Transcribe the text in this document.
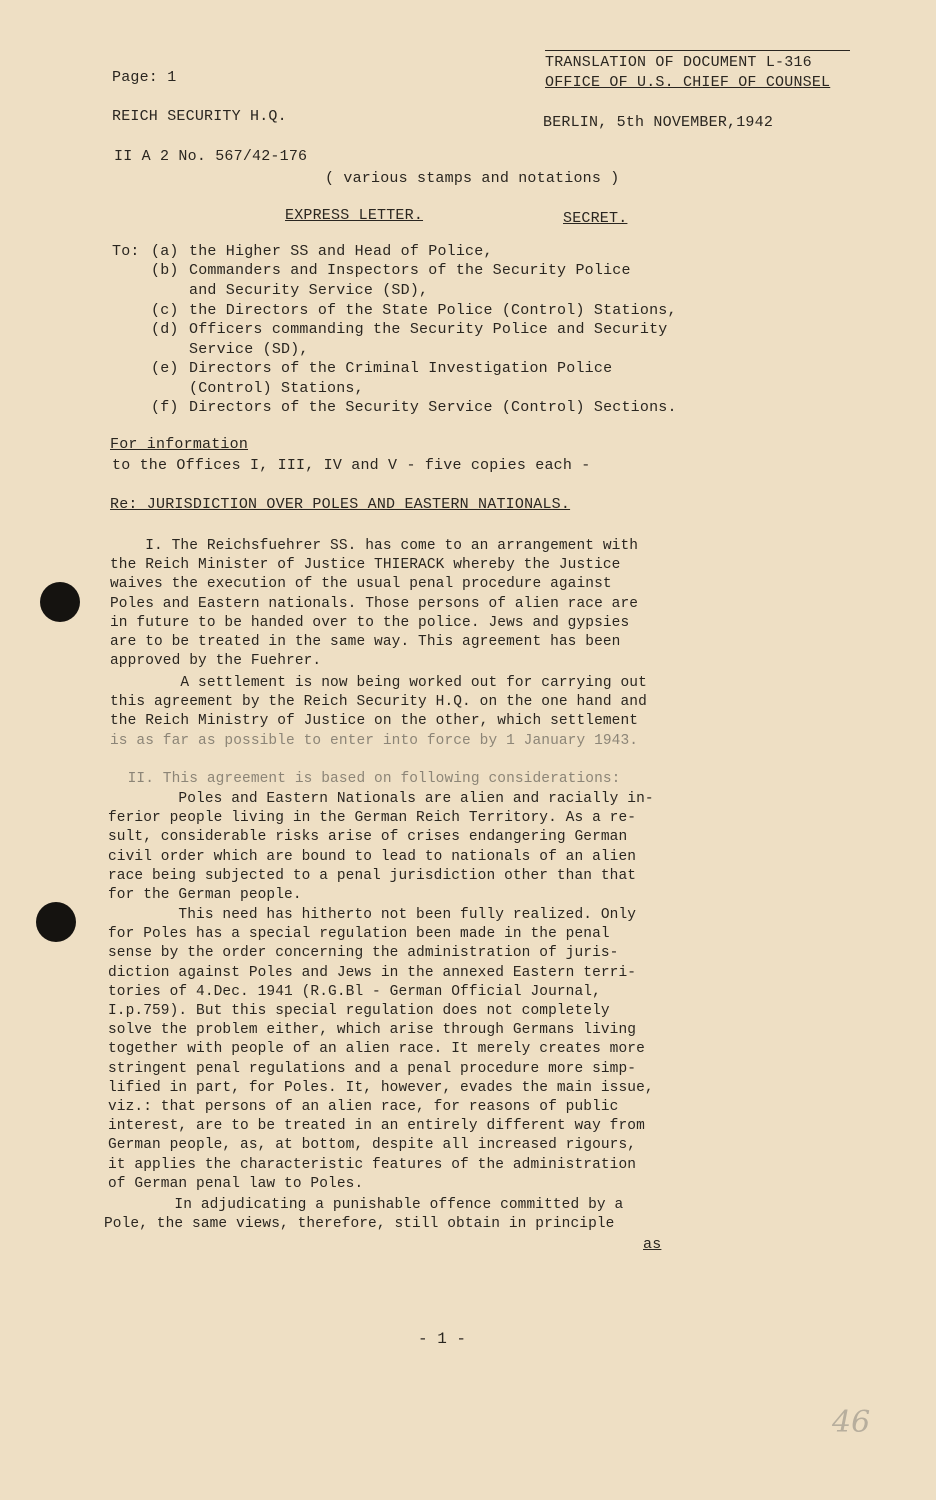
TRANSLATION OF DOCUMENT L-316
OFFICE OF U.S. CHIEF OF COUNSEL
Page: 1
REICH SECURITY H.Q.	BERLIN, 5th NOVEMBER,1942
II A 2 No. 567/42-176
( various stamps and notations )
EXPRESS LETTER.	SECRET.
To: (a) the Higher SS and Head of Police,
(b) Commanders and Inspectors of the Security Police
and Security Service (SD),
(c) the Directors of the State Police (Control) Stations,
(d) Officers commanding the Security Police and Security
Service (SD),
(e) Directors of the Criminal Investigation Police
(Control) Stations,
(f) Directors of the Security Service (Control) Sections.
For information
to the Offices I, III, IV and V - five copies each -
Re: JURISDICTION OVER POLES AND EASTERN NATIONALS.
I. The Reichsfuehrer SS. has come to an arrangement with
the Reich Minister of Justice THIERACK whereby the Justice
waives the execution of the usual penal procedure against
Poles and Eastern nationals. Those persons of alien race are
in future to be handed over to the police. Jews and gypsies
are to be treated in the same way. This agreement has been
approved by the Fuehrer.
A settlement is now being worked out for carrying out
this agreement by the Reich Security H.Q. on the one hand and
the Reich Ministry of Justice on the other, which settlement
is as far as possible to enter into force by 1 January 1943.
II. This agreement is based on following considerations:
Poles and Eastern Nationals are alien and racially in-
ferior people living in the German Reich Territory. As a re-
sult, considerable risks arise of crises endangering German
civil order which are bound to lead to nationals of an alien
race being subjected to a penal jurisdiction other than that
for the German people.
This need has hitherto not been fully realized. Only
for Poles has a special regulation been made in the penal
sense by the order concerning the administration of juris-
diction against Poles and Jews in the annexed Eastern terri-
tories of 4.Dec. 1941 (R.G.Bl - German Official Journal,
I.p.759). But this special regulation does not completely
solve the problem either, which arise through Germans living
together with people of an alien race. It merely creates more
stringent penal regulations and a penal procedure more simp-
lified in part, for Poles. It, however, evades the main issue,
viz.: that persons of an alien race, for reasons of public
interest, are to be treated in an entirely different way from
German people, as, at bottom, despite all increased rigours,
it applies the characteristic features of the administration
of German penal law to Poles.
In adjudicating a punishable offence committed by a
Pole, the same views, therefore, still obtain in principle
as
- 1 -
46
